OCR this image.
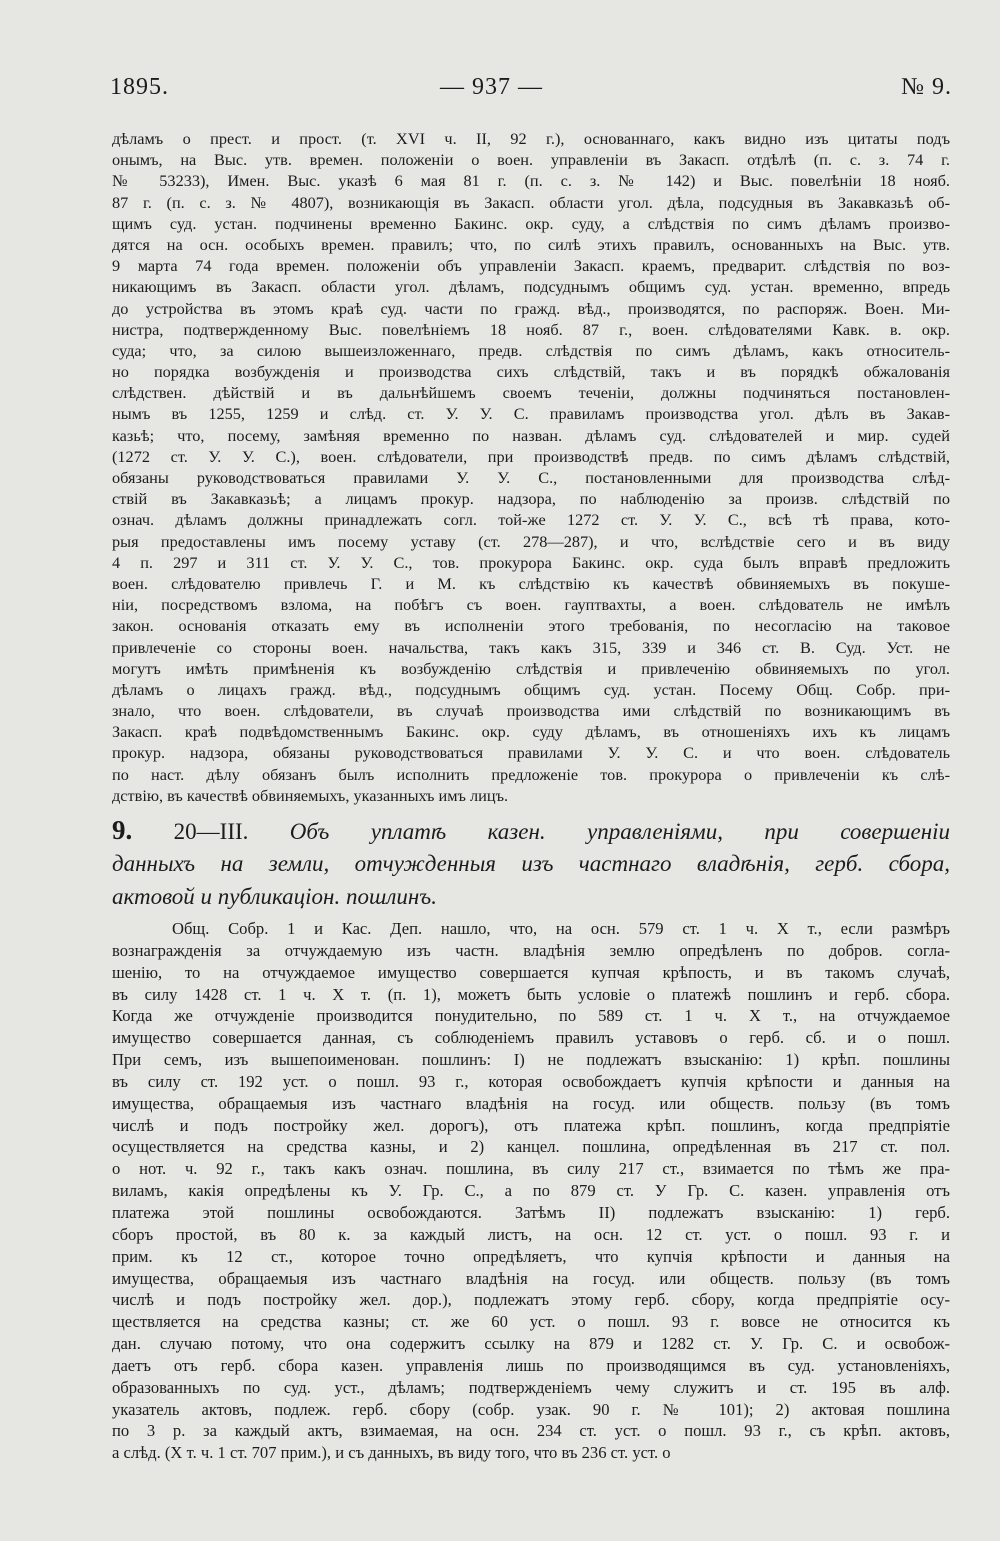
1895.	— 937 —	№ 9.
дѣламъ о прест. и прост. (т. XVI ч. II, 92 г.), основаннаго, какъ видно изъ цитаты подъ
онымъ, на Выс. утв. времен. положеніи о воен. управленіи въ Закасп. отдѣлѣ (п. с. з. 74 г.
№ 53233), Имен. Выс. указѣ 6 мая 81 г. (п. с. з. № 142) и Выс. повелѣніи 18 нояб.
87 г. (п. с. з. № 4807), возникающія въ Закасп. области угол. дѣла, подсудныя въ Закавказьѣ об-
щимъ суд. устан. подчинены временно Бакинс. окр. суду, а слѣдствія по симъ дѣламъ произво-
дятся на осн. особыхъ времен. правилъ; что, по силѣ этихъ правилъ, основанныхъ на Выс. утв.
9 марта 74 года времен. положеніи объ управленіи Закасп. краемъ, предварит. слѣдствія по воз-
никающимъ въ Закасп. области угол. дѣламъ, подсуднымъ общимъ суд. устан. временно, впредь
до устройства въ этомъ краѣ суд. части по гражд. вѣд., производятся, по распоряж. Воен. Ми-
нистра, подтвержденному Выс. повелѣніемъ 18 нояб. 87 г., воен. слѣдователями Кавк. в. окр.
суда; что, за силою вышеизложеннаго, предв. слѣдствія по симъ дѣламъ, какъ относитель-
но порядка возбужденія и производства сихъ слѣдствій, такъ и въ порядкѣ обжалованія
слѣдствен. дѣйствій и въ дальнѣйшемъ своемъ теченіи, должны подчиняться постановлен-
нымъ въ 1255, 1259 и слѣд. ст. У. У. С. правиламъ производства угол. дѣлъ въ Закав-
казьѣ; что, посему, замѣняя временно по назван. дѣламъ суд. слѣдователей и мир. судей
(1272 ст. У. У. С.), воен. слѣдователи, при производствѣ предв. по симъ дѣламъ слѣдствій,
обязаны руководствоваться правилами У. У. С., постановленными для производства слѣд-
ствій въ Закавказьѣ; а лицамъ прокур. надзора, по наблюденію за произв. слѣдствій по
означ. дѣламъ должны принадлежать согл. той-же 1272 ст. У. У. С., всѣ тѣ права, кото-
рыя предоставлены имъ посему уставу (ст. 278—287), и что, вслѣдствіе сего и въ виду
4 п. 297 и 311 ст. У. У. С., тов. прокурора Бакинс. окр. суда былъ вправѣ предложить
воен. слѣдователю привлечь Г. и М. къ слѣдствію къ качествѣ обвиняемыхъ въ покуше-
ніи, посредствомъ взлома, на побѣгъ съ воен. гауптвахты, а воен. слѣдователь не имѣлъ
закон. основанія отказать ему въ исполненіи этого требованія, по несогласію на таковое
привлеченіе со стороны воен. начальства, такъ какъ 315, 339 и 346 ст. В. Суд. Уст. не
могутъ имѣть примѣненія къ возбужденію слѣдствія и привлеченію обвиняемыхъ по угол.
дѣламъ о лицахъ гражд. вѣд., подсуднымъ общимъ суд. устан. Посему Общ. Собр. при-
знало, что воен. слѣдователи, въ случаѣ производства ими слѣдствій по возникающимъ въ
Закасп. краѣ подвѣдомственнымъ Бакинс. окр. суду дѣламъ, въ отношеніяхъ ихъ къ лицамъ
прокур. надзора, обязаны руководствоваться правилами У. У. С. и что воен. слѣдователь
по наст. дѣлу обязанъ былъ исполнить предложеніе тов. прокурора о привлеченіи къ слѣ-
дствію, въ качествѣ обвиняемыхъ, указанныхъ имъ лицъ.
9. 20—III. Объ уплатѣ казен. управленіями, при совершеніи
данныхъ на земли, отчужденныя изъ частнаго владѣнія, герб. сбора,
актовой и публикаціон. пошлинъ.
Общ. Собр. 1 и Кас. Деп. нашло, что, на осн. 579 ст. 1 ч. X т., если размѣръ
вознагражденія за отчуждаемую изъ частн. владѣнія землю опредѣленъ по добров. согла-
шенію, то на отчуждаемое имущество совершается купчая крѣпость, и въ такомъ случаѣ,
въ силу 1428 ст. 1 ч. X т. (п. 1), можетъ быть условіе о платежѣ пошлинъ и герб. сбора.
Когда же отчужденіе производится понудительно, по 589 ст. 1 ч. X т., на отчуждаемое
имущество совершается данная, съ соблюденіемъ правилъ уставовъ о герб. сб. и о пошл.
При семъ, изъ вышепоименован. пошлинъ: I) не подлежатъ взысканію: 1) крѣп. пошлины
въ силу ст. 192 уст. о пошл. 93 г., которая освобождаетъ купчія крѣпости и данныя на
имущества, обращаемыя изъ частнаго владѣнія на госуд. или обществ. пользу (въ томъ
числѣ и подъ постройку жел. дорогъ), отъ платежа крѣп. пошлинъ, когда предпріятіе
осуществляется на средства казны, и 2) канцел. пошлина, опредѣленная въ 217 ст. пол.
о нот. ч. 92 г., такъ какъ означ. пошлина, въ силу 217 ст., взимается по тѣмъ же пра-
виламъ, какія опредѣлены къ У. Гр. С., а по 879 ст. У Гр. С. казен. управленія отъ
платежа этой пошлины освобождаются. Затѣмъ II) подлежатъ взысканію: 1) герб.
сборъ простой, въ 80 к. за каждый листъ, на осн. 12 ст. уст. о пошл. 93 г. и
прим. къ 12 ст., которое точно опредѣляетъ, что купчія крѣпости и данныя на
имущества, обращаемыя изъ частнаго владѣнія на госуд. или обществ. пользу (въ томъ
числѣ и подъ постройку жел. дор.), подлежатъ этому герб. сбору, когда предпріятіе осу-
ществляется на средства казны; ст. же 60 уст. о пошл. 93 г. вовсе не относится къ
дан. случаю потому, что она содержитъ ссылку на 879 и 1282 ст. У. Гр. С. и освобож-
даетъ отъ герб. сбора казен. управленія лишь по производящимся въ суд. установленіяхъ,
образованныхъ по суд. уст., дѣламъ; подтвержденіемъ чему служитъ и ст. 195 въ алф.
указатель актовъ, подлеж. герб. сбору (собр. узак. 90 г. № 101); 2) актовая пошлина
по 3 р. за каждый актъ, взимаемая, на осн. 234 ст. уст. о пошл. 93 г., съ крѣп. актовъ,
а слѣд. (X т. ч. 1 ст. 707 прим.), и съ данныхъ, въ виду того, что въ 236 ст. уст. о
